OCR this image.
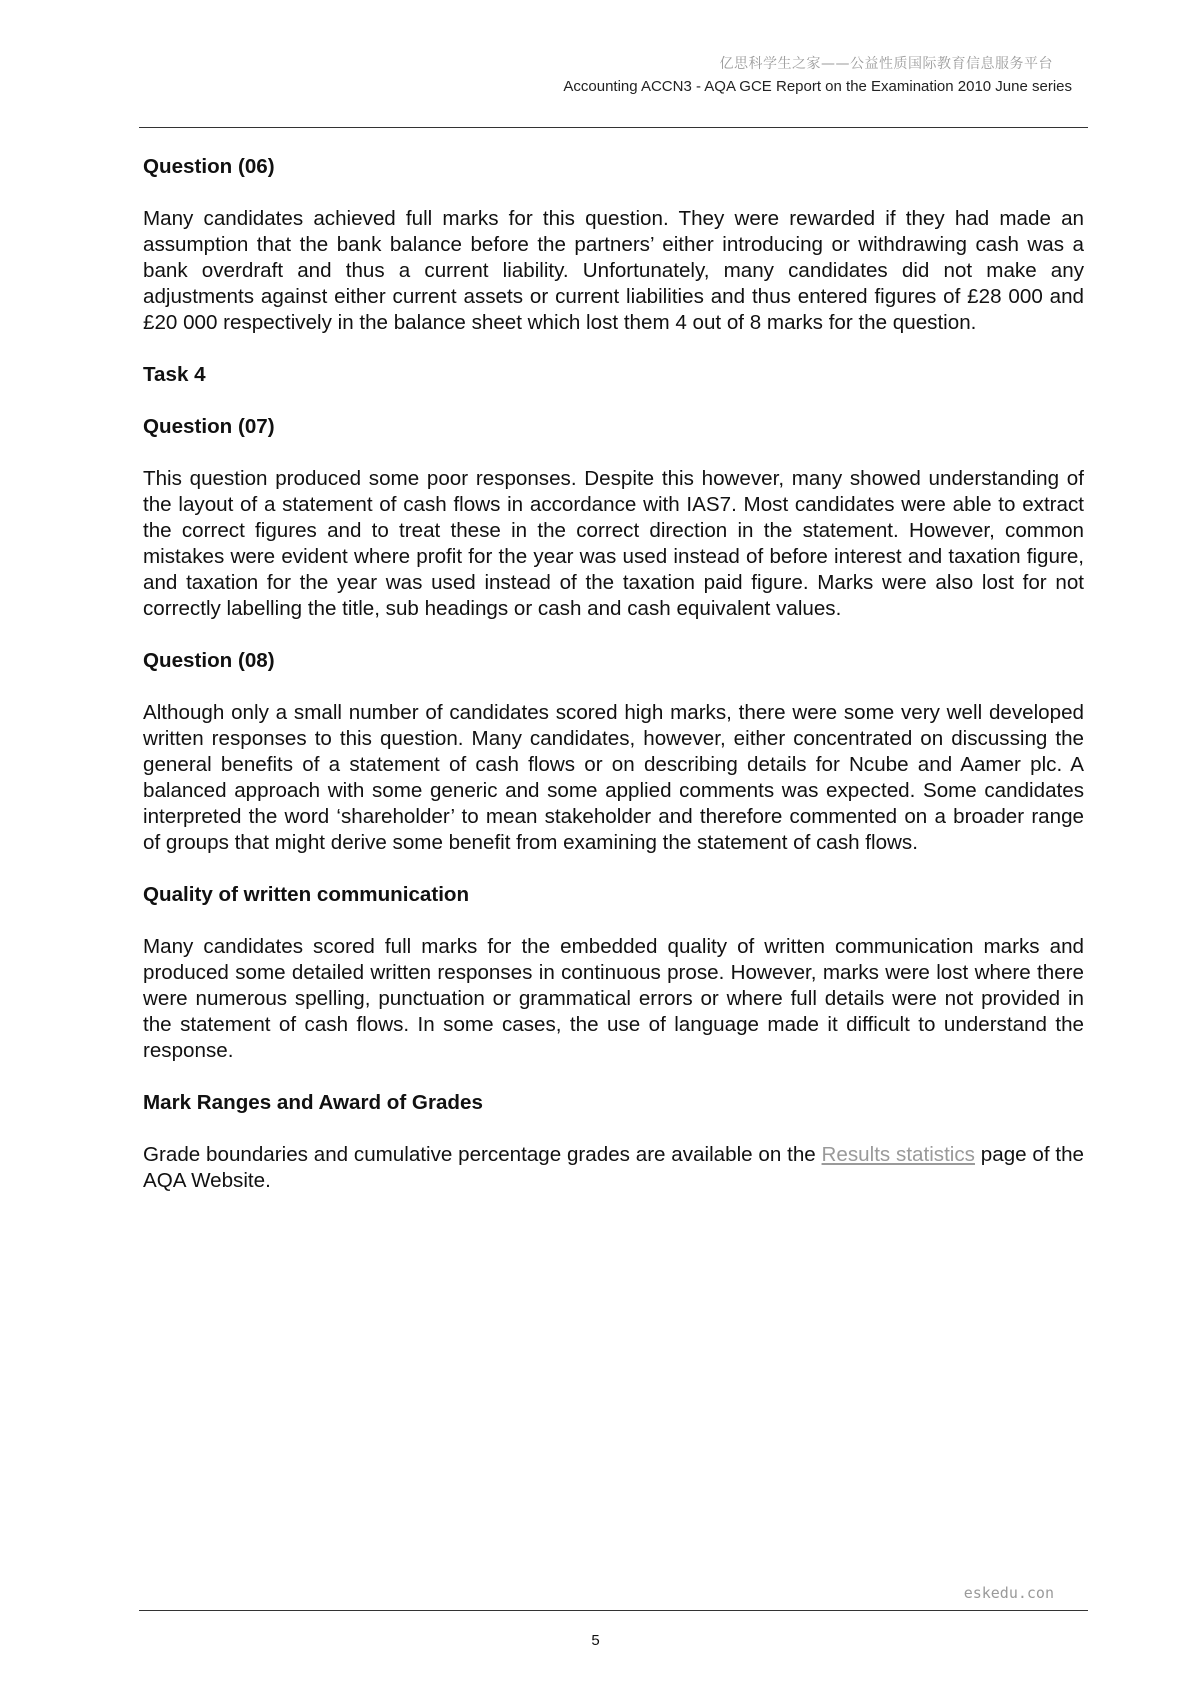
亿思科学生之家——公益性质国际教育信息服务平台
Accounting ACCN3 - AQA GCE Report on the Examination 2010 June series
Question (06)

Many candidates achieved full marks for this question. They were rewarded if they had made an assumption that the bank balance before the partners’ either introducing or withdrawing cash was a bank overdraft and thus a current liability. Unfortunately, many candidates did not make any adjustments against either current assets or current liabilities and thus entered figures of £28 000 and £20 000 respectively in the balance sheet which lost them 4 out of 8 marks for the question.

Task 4
Question (07)

This question produced some poor responses. Despite this however, many showed understanding of the layout of a statement of cash flows in accordance with IAS7. Most candidates were able to extract the correct figures and to treat these in the correct direction in the statement. However, common mistakes were evident where profit for the year was used instead of before interest and taxation figure, and taxation for the year was used instead of the taxation paid figure. Marks were also lost for not correctly labelling the title, sub headings or cash and cash equivalent values.

Question (08)

Although only a small number of candidates scored high marks, there were some very well developed written responses to this question. Many candidates, however, either concentrated on discussing the general benefits of a statement of cash flows or on describing details for Ncube and Aamer plc. A balanced approach with some generic and some applied comments was expected. Some candidates interpreted the word ‘shareholder’ to mean stakeholder and therefore commented on a broader range of groups that might derive some benefit from examining the statement of cash flows.

Quality of written communication

Many candidates scored full marks for the embedded quality of written communication marks and produced some detailed written responses in continuous prose. However, marks were lost where there were numerous spelling, punctuation or grammatical errors or where full details were not provided in the statement of cash flows. In some cases, the use of language made it difficult to understand the response.

Mark Ranges and Award of Grades

Grade boundaries and cumulative percentage grades are available on the Results statistics page of the AQA Website.

eskedu.con
5
